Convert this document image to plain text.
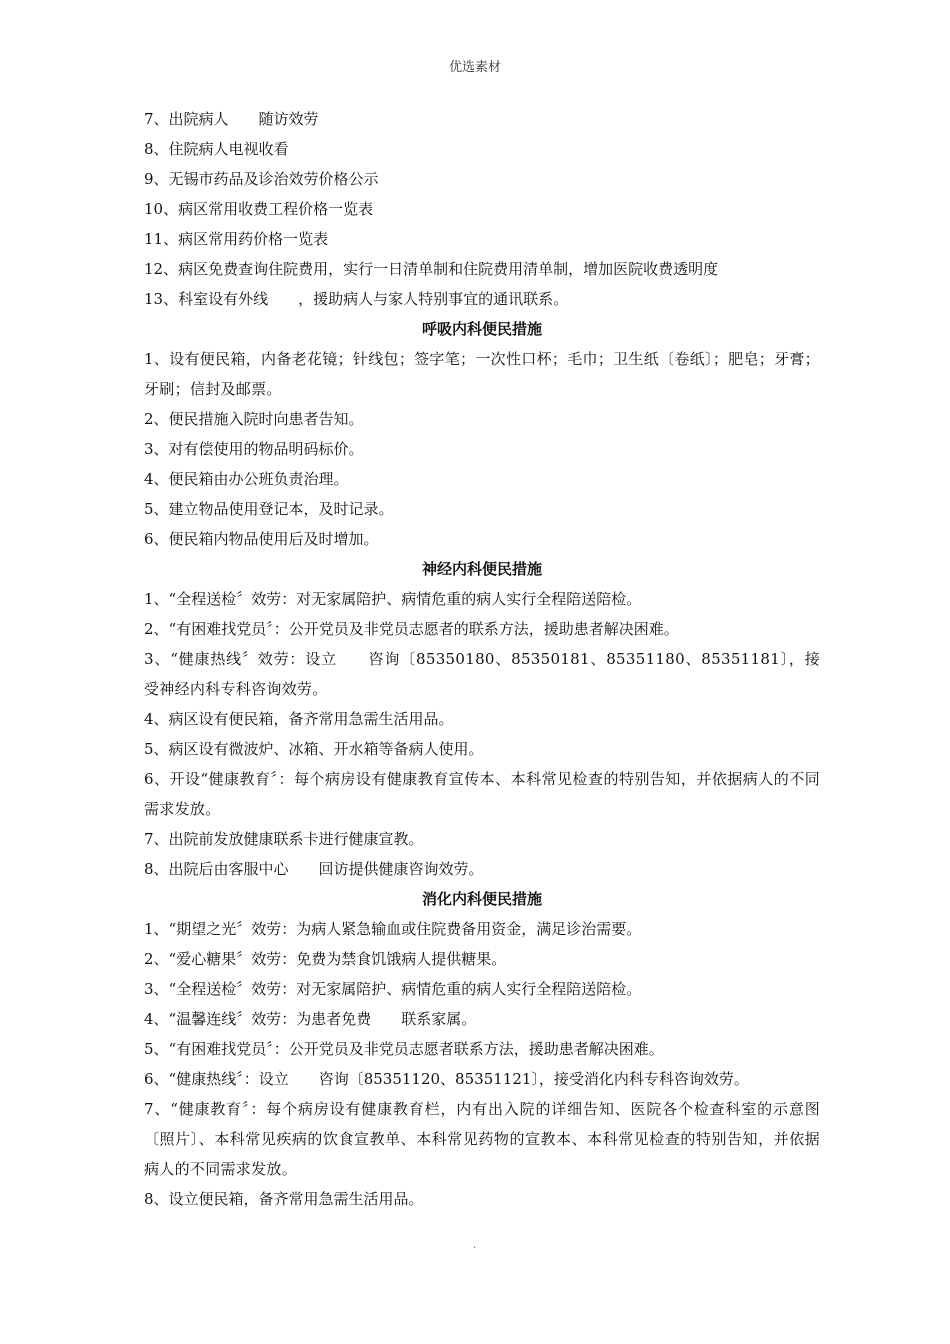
优选素材
7、出院病人　　随访效劳
8、住院病人电视收看
9、无锡市药品及诊治效劳价格公示
10、病区常用收费工程价格一览表
11、病区常用药价格一览表
12、病区免费查询住院费用，实行一日清单制和住院费用清单制，增加医院收费透明度
13、科室设有外线　　，援助病人与家人特别事宜的通讯联系。
呼吸内科便民措施
1、设有便民箱，内备老花镜；针线包；签字笔；一次性口杯；毛巾；卫生纸〔卷纸〕；肥皂；牙膏；牙刷；信封及邮票。
2、便民措施入院时向患者告知。
3、对有偿使用的物品明码标价。
4、便民箱由办公班负责治理。
5、建立物品使用登记本，及时记录。
6、便民箱内物品使用后及时增加。
神经内科便民措施
1、“全程送检〞效劳：对无家属陪护、病情危重的病人实行全程陪送陪检。
2、“有困难找党员〞：公开党员及非党员志愿者的联系方法，援助患者解决困难。
3、“健康热线〞效劳：设立　　咨询〔85350180、85350181、85351180、85351181〕，接受神经内科专科咨询效劳。
4、病区设有便民箱，备齐常用急需生活用品。
5、病区设有微波炉、冰箱、开水箱等备病人使用。
6、开设“健康教育〞：每个病房设有健康教育宣传本、本科常见检查的特别告知，并依据病人的不同需求发放。
7、出院前发放健康联系卡进行健康宣教。
8、出院后由客服中心　　回访提供健康咨询效劳。
消化内科便民措施
1、“期望之光〞效劳：为病人紧急输血或住院费备用资金，满足诊治需要。
2、“爱心糖果〞效劳：免费为禁食饥饿病人提供糖果。
3、“全程送检〞效劳：对无家属陪护、病情危重的病人实行全程陪送陪检。
4、“温馨连线〞效劳：为患者免费　　联系家属。
5、“有困难找党员〞：公开党员及非党员志愿者联系方法，援助患者解决困难。
6、“健康热线〞：设立　　咨询〔85351120、85351121〕，接受消化内科专科咨询效劳。
7、“健康教育〞：每个病房设有健康教育栏，内有出入院的详细告知、医院各个检查科室的示意图〔照片〕、本科常见疾病的饮食宣教单、本科常见药物的宣教本、本科常见检查的特别告知，并依据病人的不同需求发放。
8、设立便民箱，备齐常用急需生活用品。
.
